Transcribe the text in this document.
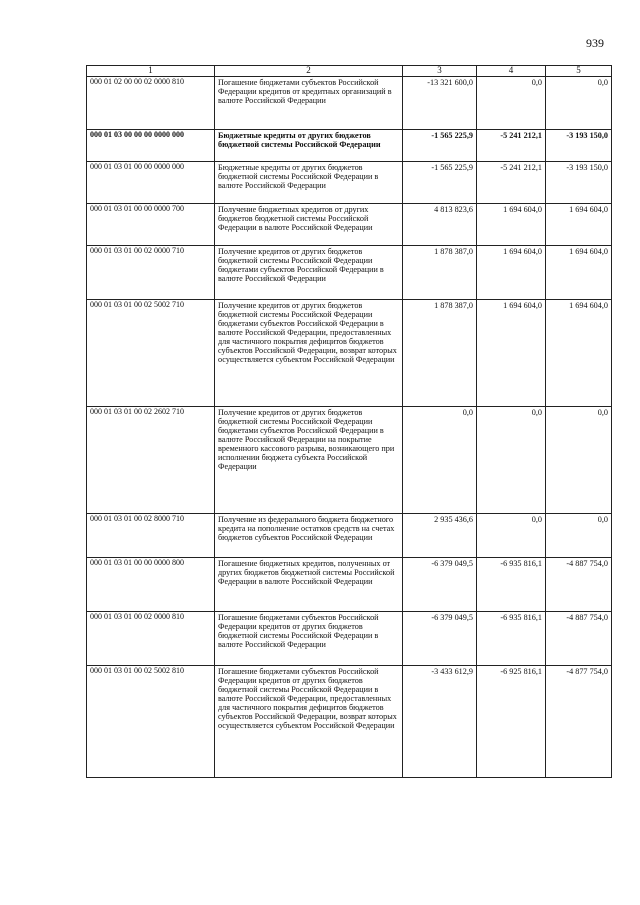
939
1	2	3	4	5
000 01 02 00 00 02 0000 810	Погашение бюджетами субъектов Российской Федерации кредитов от кредитных организаций в валюте Российской Федерации	-13 321 600,0	0,0	0,0
000 01 03 00 00 00 0000 000	Бюджетные кредиты от других бюджетов бюджетной системы Российской Федерации	-1 565 225,9	-5 241 212,1	-3 193 150,0
000 01 03 01 00 00 0000 000	Бюджетные кредиты от других бюджетов бюджетной системы Российской Федерации в валюте Российской Федерации	-1 565 225,9	-5 241 212,1	-3 193 150,0
000 01 03 01 00 00 0000 700	Получение бюджетных кредитов от других бюджетов бюджетной системы Российской Федерации в валюте Российской Федерации	4 813 823,6	1 694 604,0	1 694 604,0
000 01 03 01 00 02 0000 710	Получение кредитов от других бюджетов бюджетной системы Российской Федерации бюджетами субъектов Российской Федерации в валюте Российской Федерации	1 878 387,0	1 694 604,0	1 694 604,0
000 01 03 01 00 02 5002 710	Получение кредитов от других бюджетов бюджетной системы Российской Федерации бюджетами субъектов Российской Федерации в валюте Российской Федерации, предоставленных для частичного покрытия дефицитов бюджетов субъектов Российской Федерации, возврат которых осуществляется субъектом Российской Федерации	1 878 387,0	1 694 604,0	1 694 604,0
000 01 03 01 00 02 2602 710	Получение кредитов от других бюджетов бюджетной системы Российской Федерации бюджетами субъектов Российской Федерации в валюте Российской Федерации на покрытие временного кассового разрыва, возникающего при исполнении бюджета субъекта Российской Федерации	0,0	0,0	0,0
000 01 03 01 00 02 8000 710	Получение из федерального бюджета бюджетного кредита на пополнение остатков средств на счетах бюджетов субъектов Российской Федерации	2 935 436,6	0,0	0,0
000 01 03 01 00 00 0000 800	Погашение бюджетных кредитов, полученных от других бюджетов бюджетной системы Российской Федерации в валюте Российской Федерации	-6 379 049,5	-6 935 816,1	-4 887 754,0
000 01 03 01 00 02 0000 810	Погашение бюджетами субъектов Российской Федерации кредитов от других бюджетов бюджетной системы Российской Федерации в валюте Российской Федерации	-6 379 049,5	-6 935 816,1	-4 887 754,0
000 01 03 01 00 02 5002 810	Погашение бюджетами субъектов Российской Федерации кредитов от других бюджетов бюджетной системы Российской Федерации в валюте Российской Федерации, предоставленных для частичного покрытия дефицитов бюджетов субъектов Российской Федерации, возврат которых осуществляется субъектом Российской Федерации	-3 433 612,9	-6 925 816,1	-4 877 754,0
